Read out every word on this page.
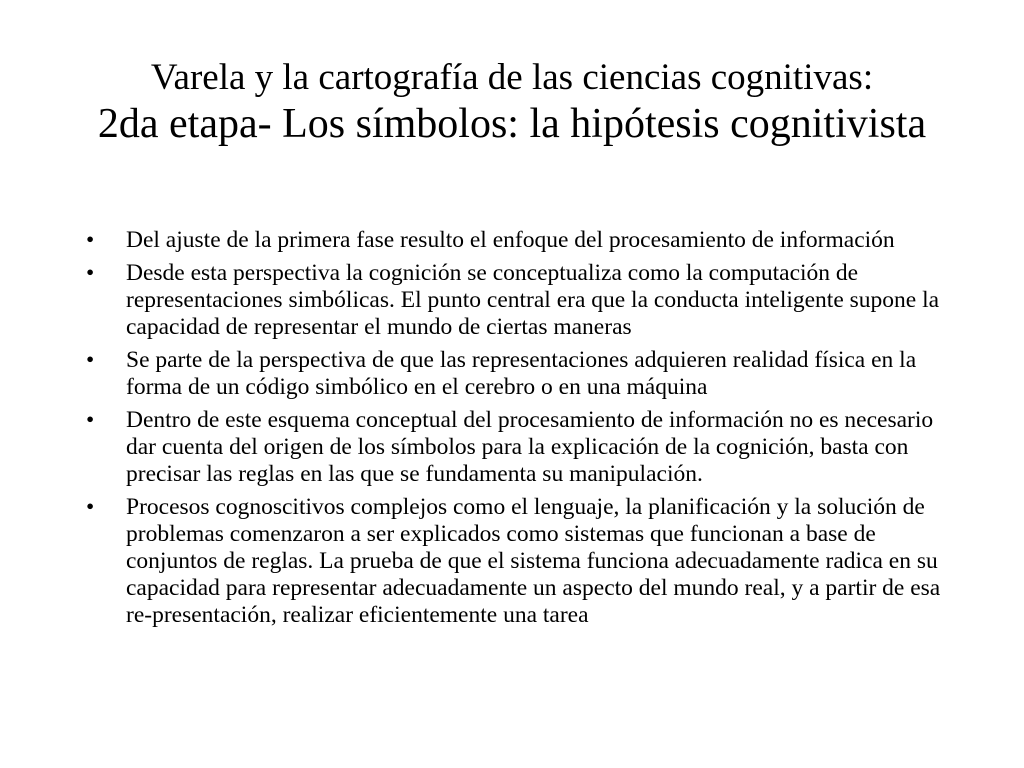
Varela y la cartografía de las ciencias cognitivas:
2da etapa- Los símbolos: la hipótesis cognitivista
•	Del ajuste de la primera fase resulto el enfoque del procesamiento de información
•	Desde esta perspectiva la cognición se conceptualiza como la computación de representaciones simbólicas. El punto central era que la conducta inteligente supone la capacidad de representar el mundo de ciertas maneras
•	Se parte de la perspectiva de que las representaciones adquieren realidad física en la forma de un código simbólico en el cerebro o en una máquina
•	Dentro de este esquema conceptual del procesamiento de información no es necesario dar cuenta del origen de los símbolos para la explicación de la cognición, basta con precisar las reglas en las que se fundamenta su manipulación.
•	Procesos cognoscitivos complejos como el lenguaje, la planificación y la solución de problemas comenzaron a ser explicados como sistemas que funcionan a base de conjuntos de reglas. La prueba de que el sistema funciona adecuadamente radica en su capacidad para representar adecuadamente un aspecto del mundo real, y a partir de esa re-presentación, realizar eficientemente una tarea
